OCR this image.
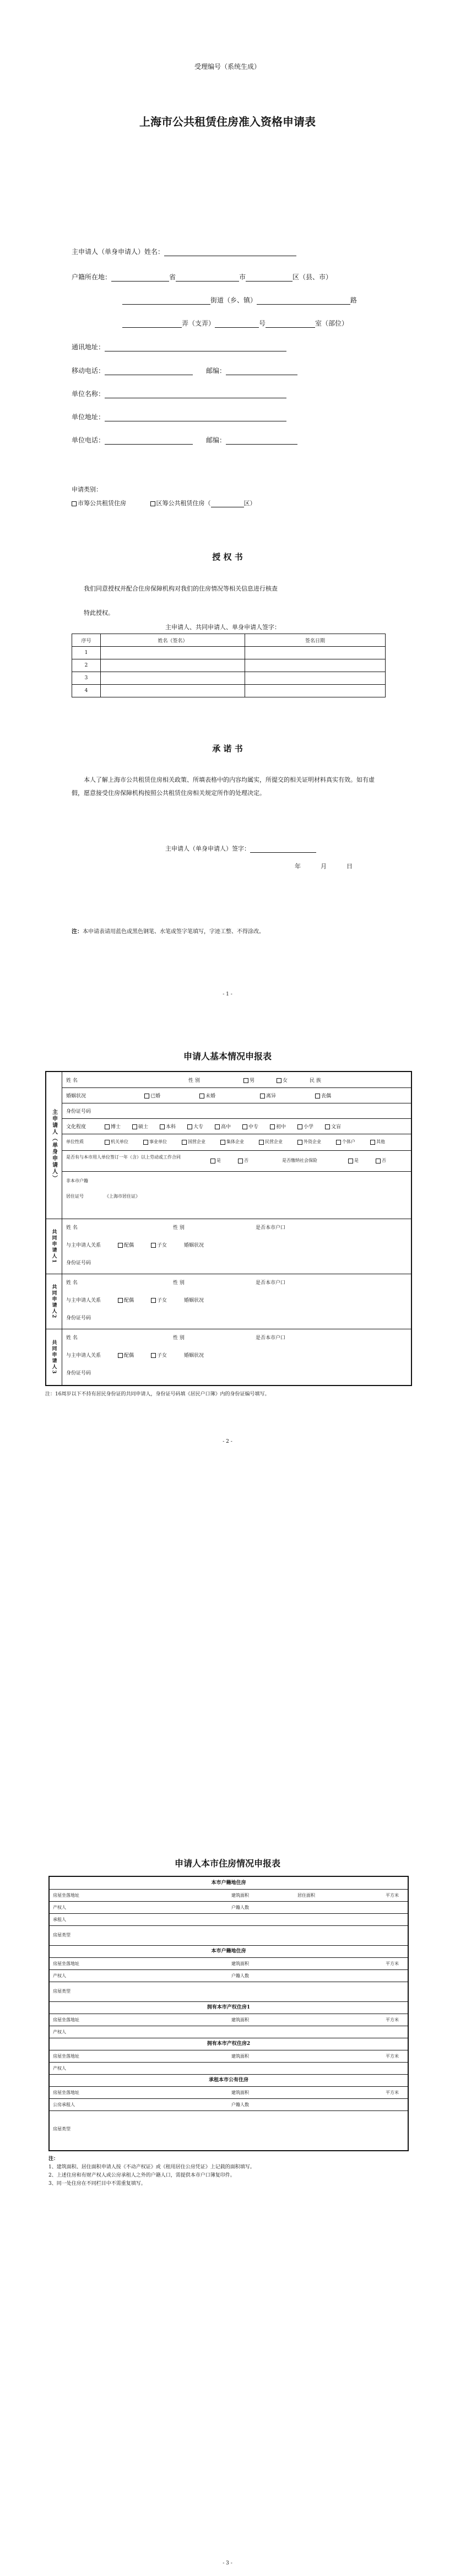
受理编号（系统生成）
上海市公共租赁住房准入资格申请表
主申请人（单身申请人）姓名：
户籍所在地：	省	市	区（县、市）
街道（乡、镇）	路
弄（支弄）	号	室（部位）
通讯地址：
移动电话：	邮编：
单位名称：
单位地址：
单位电话：	邮编：
申请类别：
市筹公共租赁住房	区筹公共租赁住房（	区）
授 权 书
我们同意授权并配合住房保障机构对我们的住房情况等相关信息进行核查
特此授权。
主申请人、共同申请人、单身申请人签字：
序号	姓名（签名）	签名日期
1		
2		
3		
4		
承 诺 书
本人了解上海市公共租赁住房相关政策、所填表格中的内容均属实，所提交的相关证明材料真实有效。如有虚假，愿意接受住房保障机构按照公共租赁住房相关规定所作的处理决定。
主申请人（单身申请人）签字：
年	月	日
注：本申请表请用蓝色或黑色钢笔、水笔或签字笔填写，字迹工整、不得涂改。
- 1 -
申请人基本情况申报表
主申请人（单身申请人）
姓 名	性 别	男	女	民 族
婚姻状况	已婚	未婚	离异	丧偶
身份证号码
文化程度	博士	硕士	本科	大专	高中	中专	初中	小学	文盲
单位性质	机关单位	事业单位	国营企业	集体企业	民营企业	外资企业	个体户	其他
是否有与本市用人单位签订一年（含）以上劳动或工作合同
是	否	是否缴纳社会保险	是	否
非本市户籍
居住证号	《上海市居住证》
共同申请人1
姓 名	性 别	是否本市户口
与主申请人关系	配偶	子女	婚姻状况
身份证号码
共同申请人2
姓 名	性 别	是否本市户口
与主申请人关系	配偶	子女	婚姻状况
身份证号码
共同申请人3
姓 名	性 别	是否本市户口
与主申请人关系	配偶	子女	婚姻状况
身份证号码
注：16周岁以下不持有居民身份证的共同申请人，身份证号码填《居民户口簿》内的身份证编号填写。
- 2 -
申请人本市住房情况申报表
本市户籍地住房
房屋坐落地址	建筑面积	居住面积	平方米
产权人	户籍人数
承租人
房屋类型
本市户籍地住房
房屋坐落地址	建筑面积	平方米
产权人	户籍人数
房屋类型
拥有本市产权住房1
房屋坐落地址	建筑面积	平方米
产权人
拥有本市产权住房2
房屋坐落地址	建筑面积	平方米
产权人
承租本市公有住房
房屋坐落地址	建筑面积	平方米
公房承租人	户籍人数
房屋类型
注：
1、建筑面积、居住面积申请人按《不动产权证》或《租用居住公房凭证》上记载的面积填写。
2、上述住房和有财产权人或公房承租人之外的户籍人口，需提供本市户口簿复印件。
3、同一处住房在不同栏目中不需重复填写。
- 3 -
